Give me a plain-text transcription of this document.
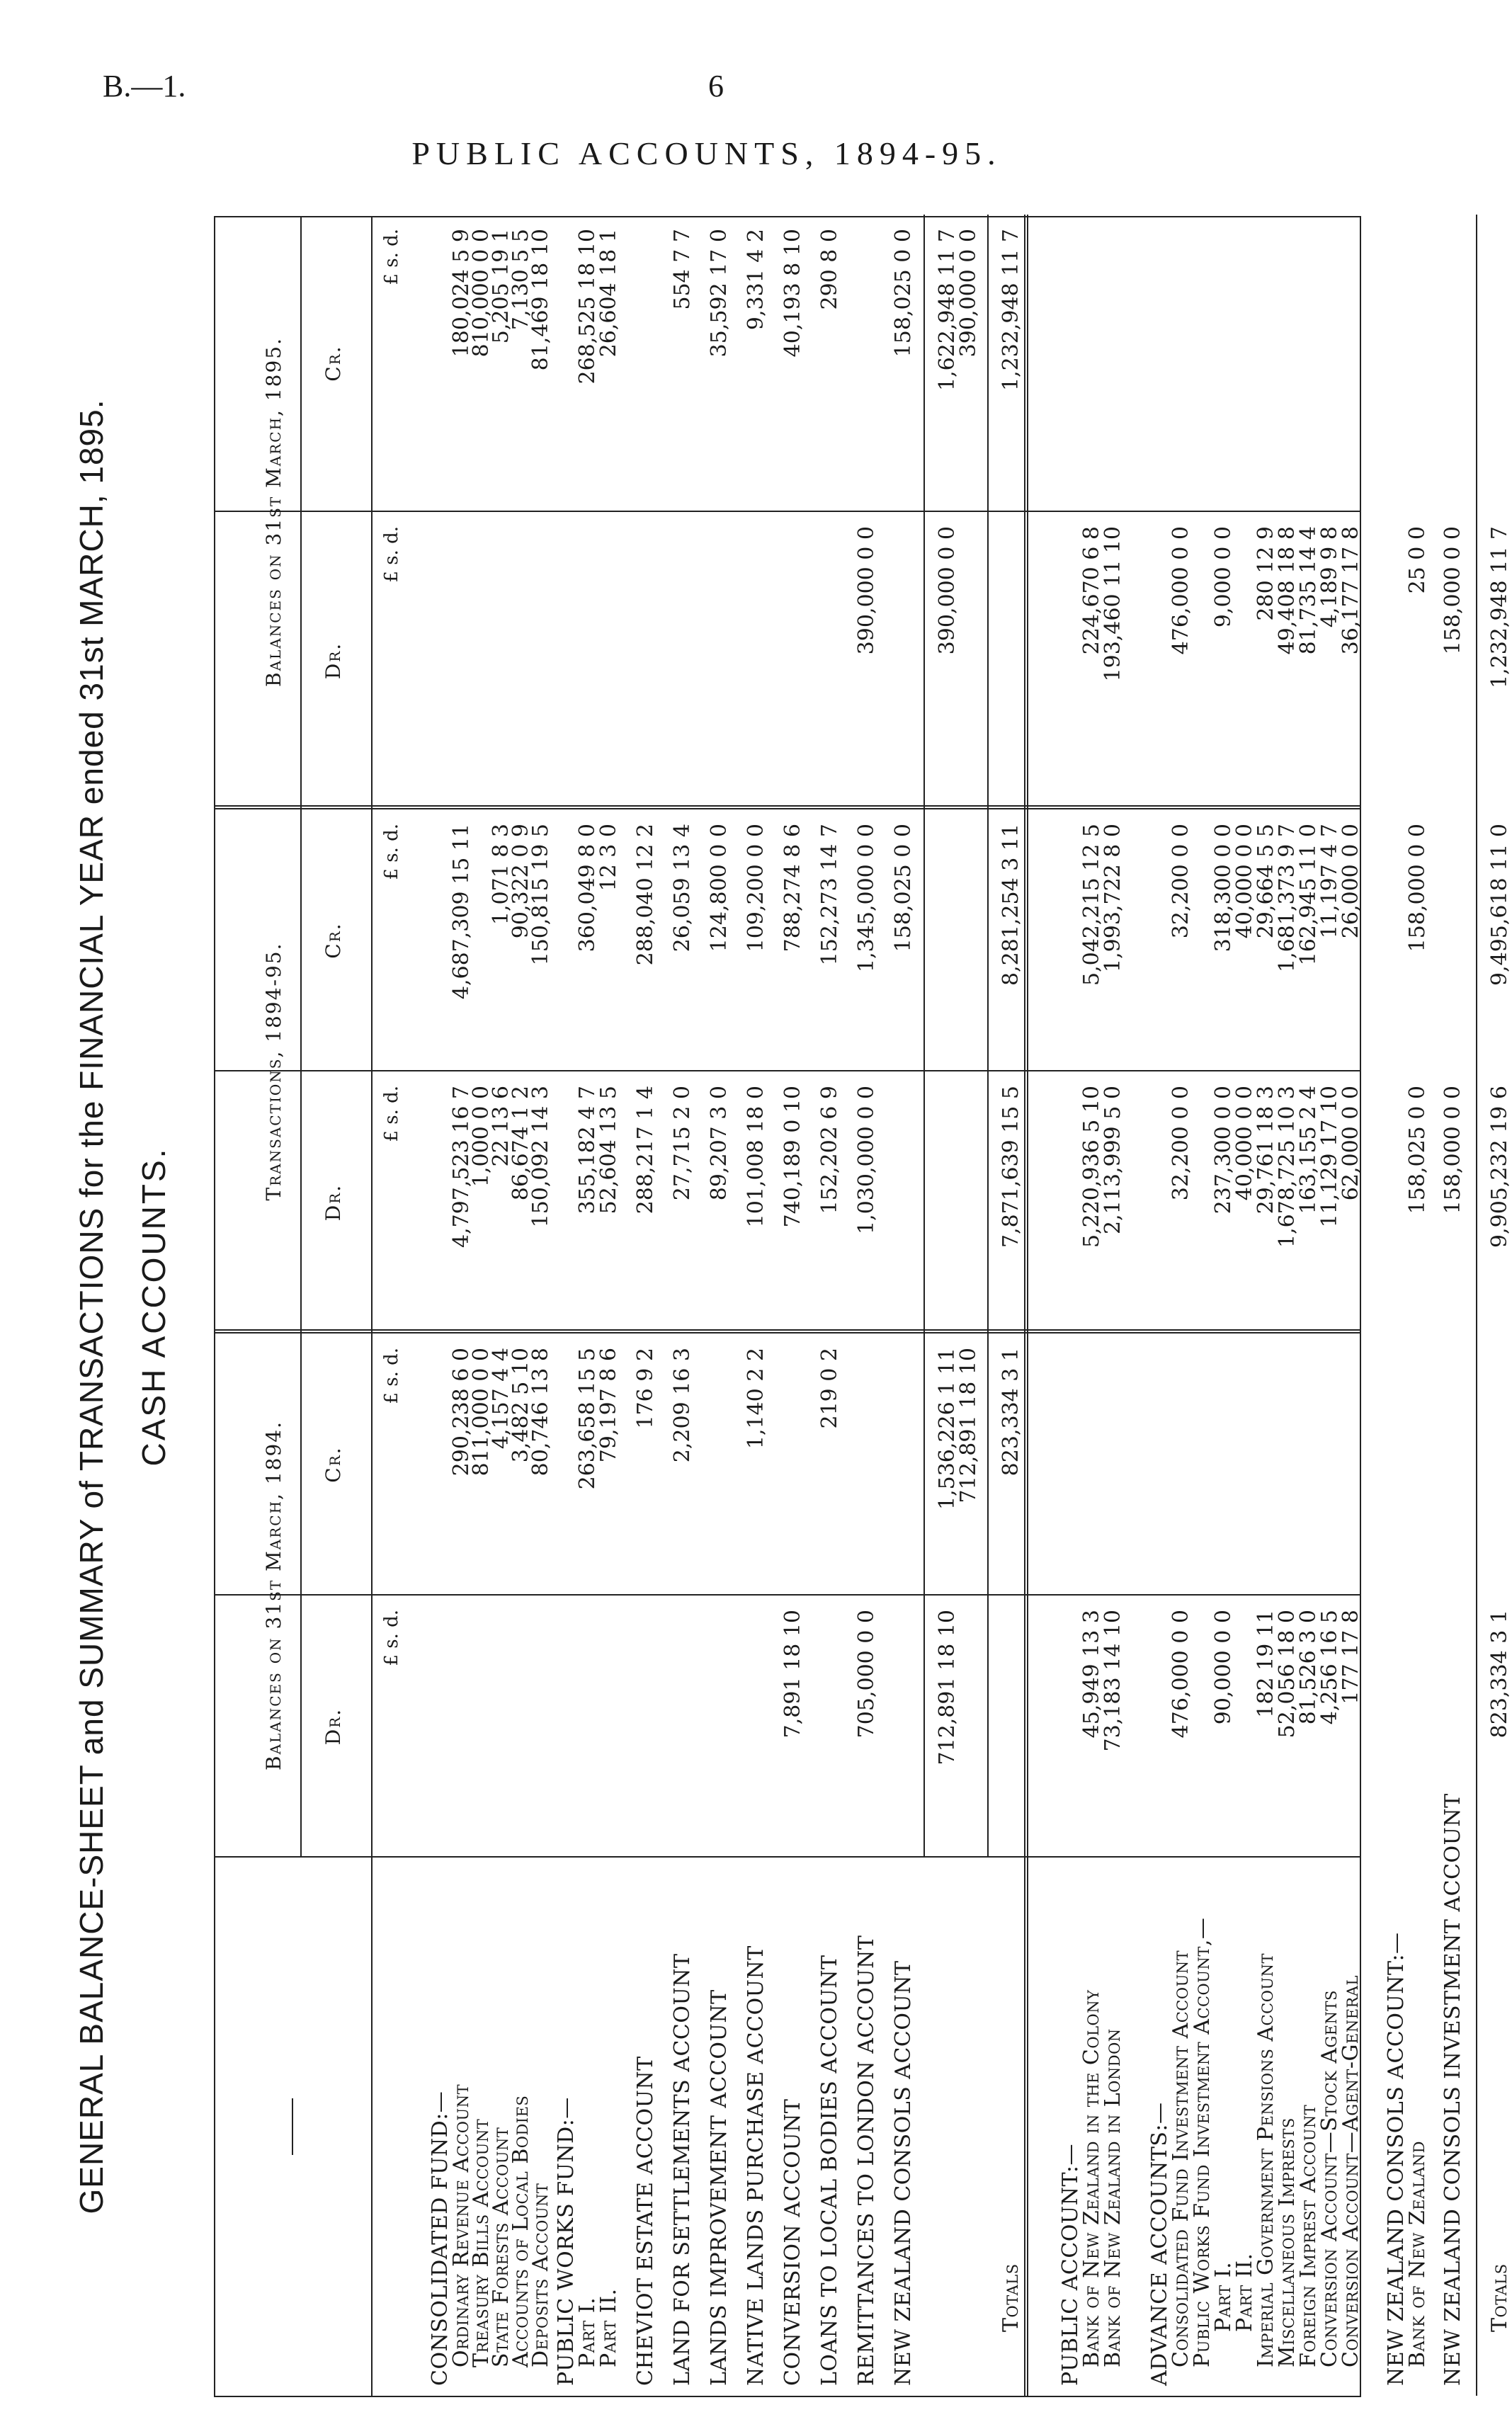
B.—1.	6
PUBLIC ACCOUNTS, 1894-95.
GENERAL BALANCE-SHEET and SUMMARY of TRANSACTIONS for the FINANCIAL YEAR ended 31st MARCH, 1895. CASH ACCOUNTS.
Balances on 31st March, 1894.
Transactions, 1894-95.
Balances on 31st March, 1895.
Dr.
Cr.
Dr.
Cr.
Dr.
Cr.
£ s. d.
£ s. d.
£ s. d.
£ s. d.
£ s. d.
£ s. d.
CONSOLIDATED FUND:—
Ordinary Revenue Account
290,238 6 0
4,797,523 16 7
4,687,309 15 11
180,024 5 9
Treasury Bills Account
811,000 0 0
1,000 0 0
810,000 0 0
State Forests Account
4,157 4 4
22 13 6
1,071 8 3
5,205 19 1
Accounts of Local Bodies
3,482 5 10
86,674 1 2
90,322 0 9
7,130 5 5
Deposits Account
80,746 13 8
150,092 14 3
150,815 19 5
81,469 18 10
PUBLIC WORKS FUND:—
Part I.
263,658 15 5
355,182 4 7
360,049 8 0
268,525 18 10
Part II.
79,197 8 6
52,604 13 5
12 3 0
26,604 18 1
CHEVIOT ESTATE ACCOUNT
176 9 2
288,217 1 4
288,040 12 2
LAND FOR SETTLEMENTS ACCOUNT
2,209 16 3
27,715 2 0
26,059 13 4
554 7 7
LANDS IMPROVEMENT ACCOUNT
89,207 3 0
124,800 0 0
35,592 17 0
NATIVE LANDS PURCHASE ACCOUNT
1,140 2 2
101,008 18 0
109,200 0 0
9,331 4 2
CONVERSION ACCOUNT
7,891 18 10
740,189 0 10
788,274 8 6
40,193 8 10
LOANS TO LOCAL BODIES ACCOUNT
219 0 2
152,202 6 9
152,273 14 7
290 8 0
REMITTANCES TO LONDON ACCOUNT
705,000 0 0
1,030,000 0 0
1,345,000 0 0
390,000 0 0
NEW ZEALAND CONSOLS ACCOUNT
158,025 0 0
158,025 0 0
712,891 18 10
1,536,226 1 11
390,000 0 0
1,622,948 11 7
712,891 18 10
390,000 0 0
Totals
823,334 3 1
7,871,639 15 5
8,281,254 3 11
1,232,948 11 7
PUBLIC ACCOUNT:—
Bank of New Zealand in the Colony
45,949 13 3
5,220,936 5 10
5,042,215 12 5
224,670 6 8
Bank of New Zealand in London
73,183 14 10
2,113,999 5 0
1,993,722 8 0
193,460 11 10
ADVANCE ACCOUNTS:—
Consolidated Fund Investment Account
476,000 0 0
32,200 0 0
32,200 0 0
476,000 0 0
Public Works Fund Investment Account,—
Part I.
90,000 0 0
237,300 0 0
318,300 0 0
9,000 0 0
Part II.
40,000 0 0
40,000 0 0
Imperial Government Pensions Account
182 19 11
29,761 18 3
29,664 5 5
280 12 9
Miscellaneous Imprests
52,056 18 0
1,678,725 10 3
1,681,373 9 7
49,408 18 8
Foreign Imprest Account
81,526 3 0
163,155 2 4
162,945 11 0
81,735 14 4
Conversion Account—Stock Agents
4,256 16 5
11,129 17 10
11,197 4 7
4,189 9 8
Conversion Account—Agent-General
177 17 8
62,000 0 0
26,000 0 0
36,177 17 8
NEW ZEALAND CONSOLS ACCOUNT:—
Bank of New Zealand
158,025 0 0
158,000 0 0
25 0 0
NEW ZEALAND CONSOLS INVESTMENT ACCOUNT
158,000 0 0
158,000 0 0
Totals
823,334 3 1
9,905,232 19 6
9,495,618 11 0
1,232,948 11 7
